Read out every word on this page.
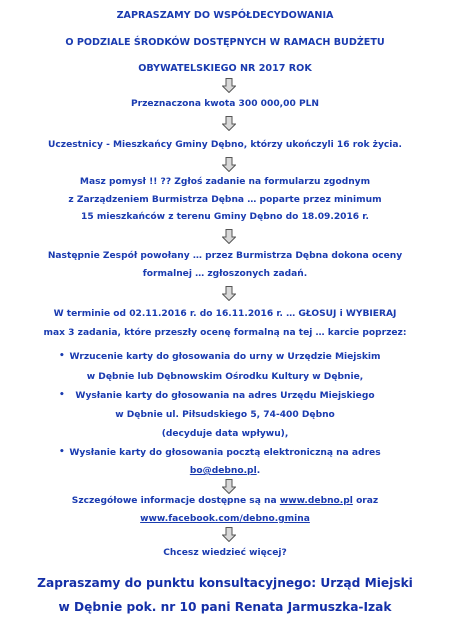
ZAPRASZAMY DO WSPÓŁDECYDOWANIA
O PODZIALE ŚRODKÓW DOSTĘPNYCH W RAMACH BUDŻETU
OBYWATELSKIEGO NR 2017 ROK
Przeznaczona kwota 300 000,00 PLN
Uczestnicy - Mieszkańcy Gminy Dębno, którzy ukończyli 16 rok życia.
Masz pomysł !! ?? Zgłoś zadanie na formularzu zgodnym
z Zarządzeniem Burmistrza Dębna … poparte przez minimum
15 mieszkańców z terenu Gminy Dębno do 18.09.2016 r.
Następnie Zespół powołany … przez Burmistrza Dębna dokona oceny
formalnej … zgłoszonych zadań.
W terminie od 02.11.2016 r. do 16.11.2016 r. … GŁOSUJ i WYBIERAJ
max 3 zadania, które przeszły ocenę formalną na tej … karcie poprzez:
• Wrzucenie karty do głosowania do urny w Urzędzie Miejskim
w Dębnie lub Dębnowskim Ośrodku Kultury w Dębnie,
•	Wysłanie karty do głosowania na adres Urzędu Miejskiego
w Dębnie ul. Piłsudskiego 5, 74-400 Dębno
(decyduje data wpływu),
• Wysłanie karty do głosowania pocztą elektroniczną na adres
bo@debno.pl.
Szczegółowe informacje dostępne są na www.debno.pl oraz
www.facebook.com/debno.gmina
Chcesz wiedzieć więcej?
Zapraszamy do punktu konsultacyjnego: Urząd Miejski
w Dębnie pok. nr 10 pani Renata Jarmuszka-Izak
